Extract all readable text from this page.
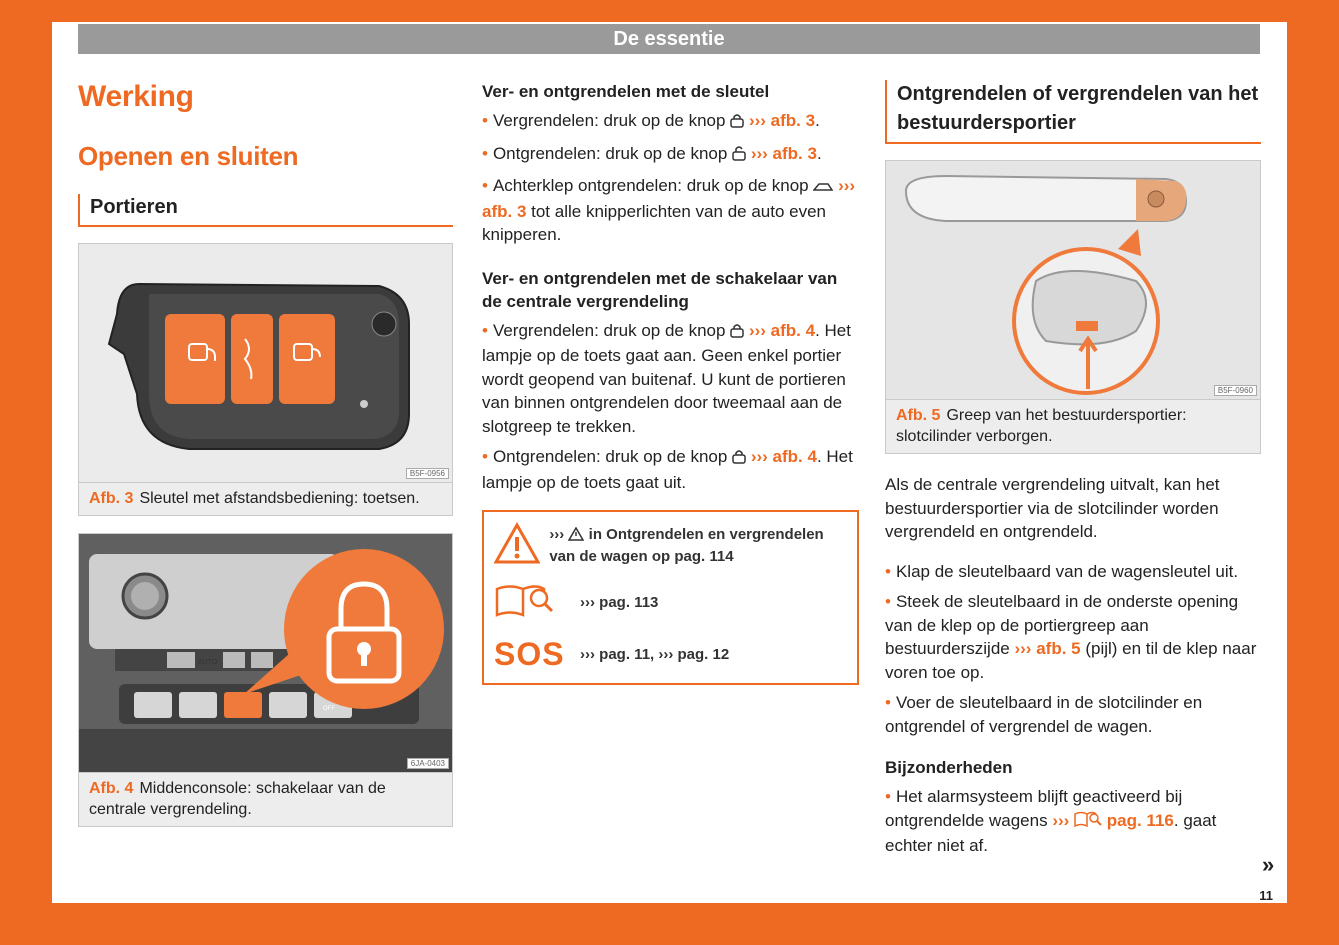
De essentie
Werking
Openen en sluiten
Portieren
B5F-0956
Afb. 3 Sleutel met afstandsbediening: toetsen.
AUTO
OFF
6JA-0403
Afb. 4 Middenconsole: schakelaar van de centrale vergrendeling.
Ver- en ontgrendelen met de sleutel
• Vergrendelen: druk op de knop ››› afb. 3.
• Ontgrendelen: druk op de knop ››› afb. 3.
• Achterklep ontgrendelen: druk op de knop ››› afb. 3 tot alle knipperlichten van de auto even knipperen.
Ver- en ontgrendelen met de schakelaar van de centrale vergrendeling
• Vergrendelen: druk op de knop ››› afb. 4. Het lampje op de toets gaat aan. Geen enkel portier wordt geopend van buitenaf. U kunt de portieren van binnen ontgrendelen door tweemaal aan de slotgreep te trekken.
• Ontgrendelen: druk op de knop ››› afb. 4. Het lampje op de toets gaat uit.
››› in Ontgrendelen en vergrendelen van de wagen op pag. 114
››› pag. 113
SOS ››› pag. 11, ››› pag. 12
Ontgrendelen of vergrendelen van het bestuurdersportier
B5F-0960
Afb. 5 Greep van het bestuurdersportier: slotcilinder verborgen.
Als de centrale vergrendeling uitvalt, kan het bestuurdersportier via de slotcilinder worden vergrendeld en ontgrendeld.
• Klap de sleutelbaard van de wagensleutel uit.
• Steek de sleutelbaard in de onderste opening van de klep op de portiergreep aan bestuurderszijde ››› afb. 5 (pijl) en til de klep naar voren toe op.
• Voer de sleutelbaard in de slotcilinder en ontgrendel of vergrendel de wagen.
Bijzonderheden
• Het alarmsysteem blijft geactiveerd bij ontgrendelde wagens ››› pag. 116. gaat echter niet af.
»
11
